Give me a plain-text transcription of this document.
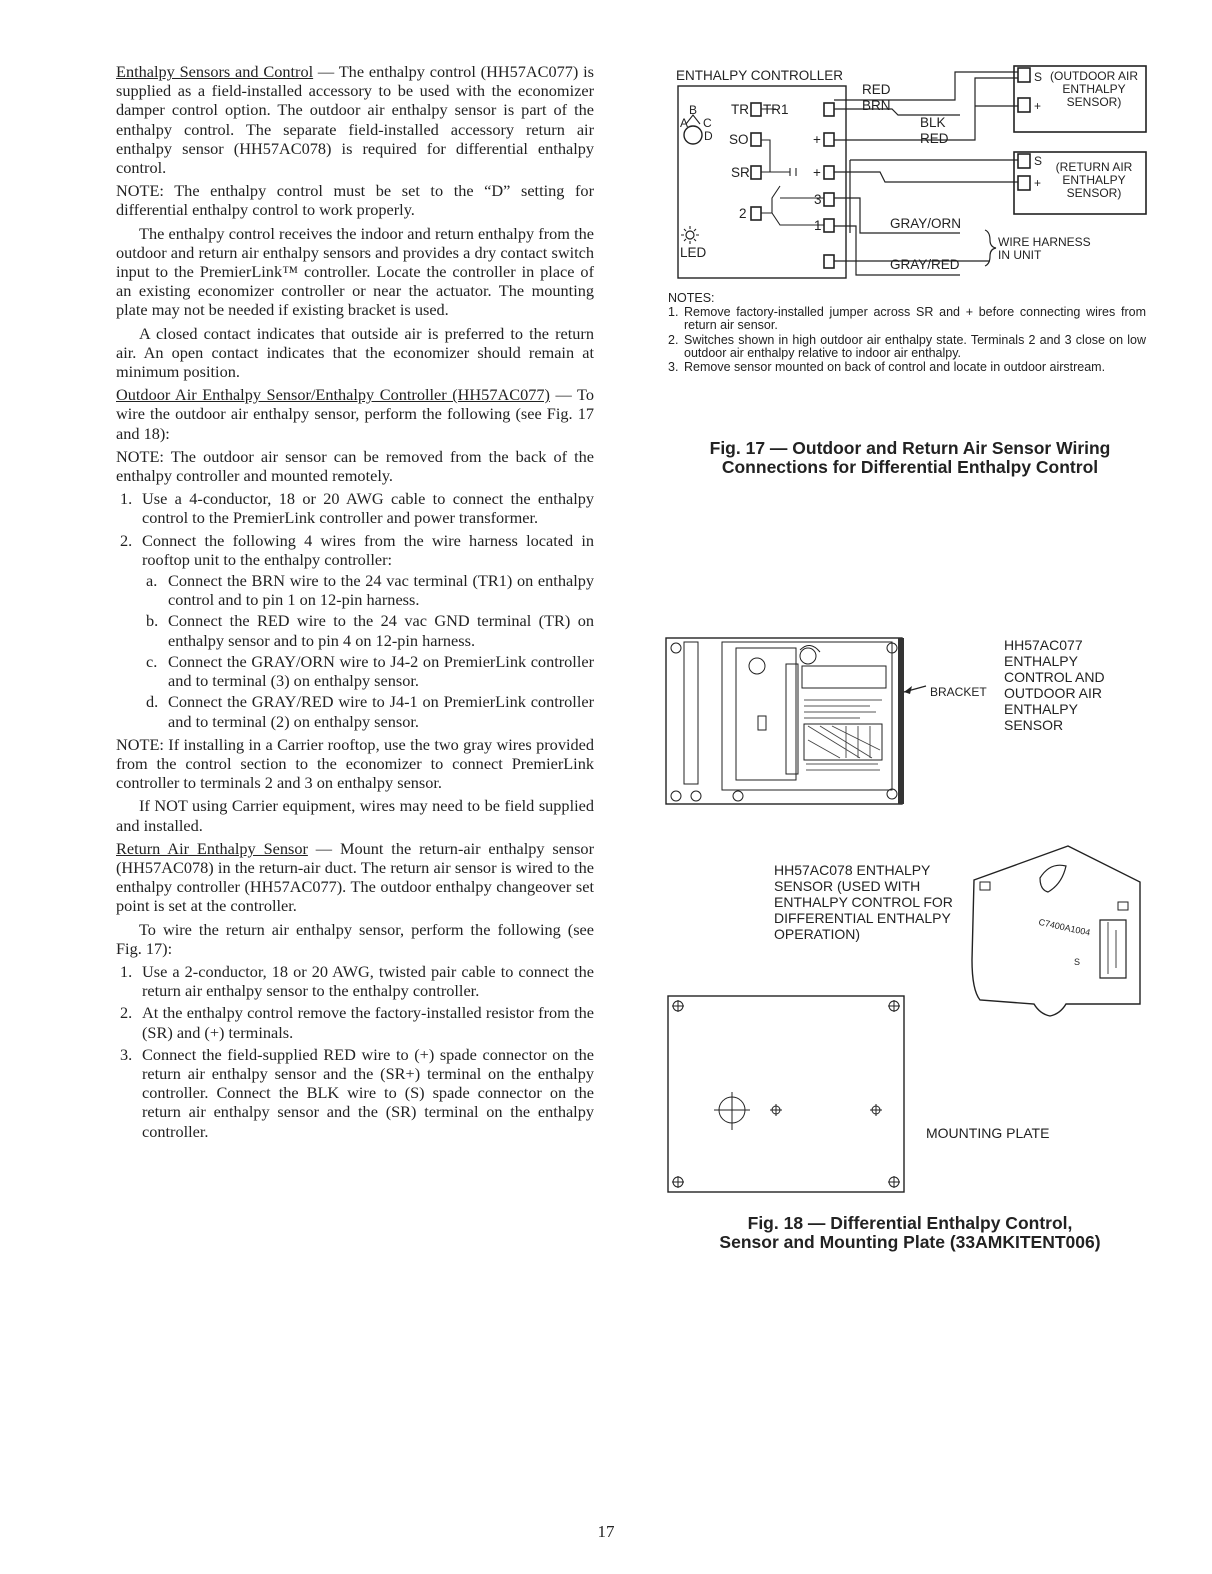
Enthalpy Sensors and Control — The enthalpy control (HH57AC077) is supplied as a field-installed accessory to be used with the economizer damper control option. The outdoor air enthalpy sensor is part of the enthalpy control. The separate field-installed accessory return air enthalpy sensor (HH57AC078) is required for differential enthalpy control.

NOTE: The enthalpy control must be set to the “D” setting for differential enthalpy control to work properly.

The enthalpy control receives the indoor and return enthalpy from the outdoor and return air enthalpy sensors and provides a dry contact switch input to the PremierLink™ controller. Locate the controller in place of an existing economizer controller or near the actuator. The mounting plate may not be needed if existing bracket is used.

A closed contact indicates that outside air is preferred to the return air. An open contact indicates that the economizer should remain at minimum position.

Outdoor Air Enthalpy Sensor/Enthalpy Controller (HH57AC077) — To wire the outdoor air enthalpy sensor, perform the following (see Fig. 17 and 18):

NOTE: The outdoor air sensor can be removed from the back of the enthalpy controller and mounted remotely.

1. Use a 4-conductor, 18 or 20 AWG cable to connect the enthalpy control to the PremierLink controller and power transformer.
2. Connect the following 4 wires from the wire harness located in rooftop unit to the enthalpy controller:
a. Connect the BRN wire to the 24 vac terminal (TR1) on enthalpy control and to pin 1 on 12-pin harness.
b. Connect the RED wire to the 24 vac GND terminal (TR) on enthalpy sensor and to pin 4 on 12-pin harness.
c. Connect the GRAY/ORN wire to J4-2 on PremierLink controller and to terminal (3) on enthalpy sensor.
d. Connect the GRAY/RED wire to J4-1 on PremierLink controller and to terminal (2) on enthalpy sensor.

NOTE: If installing in a Carrier rooftop, use the two gray wires provided from the control section to the economizer to connect PremierLink controller to terminals 2 and 3 on enthalpy sensor.

If NOT using Carrier equipment, wires may need to be field supplied and installed.

Return Air Enthalpy Sensor — Mount the return-air enthalpy sensor (HH57AC078) in the return-air duct. The return air sensor is wired to the enthalpy controller (HH57AC077). The outdoor enthalpy changeover set point is set at the controller.

To wire the return air enthalpy sensor, perform the following (see Fig. 17):

1. Use a 2-conductor, 18 or 20 AWG, twisted pair cable to connect the return air enthalpy sensor to the enthalpy controller.
2. At the enthalpy control remove the factory-installed resistor from the (SR) and (+) terminals.
3. Connect the field-supplied RED wire to (+) spade connector on the return air enthalpy sensor and the (SR+) terminal on the enthalpy controller. Connect the BLK wire to (S) spade connector on the return air enthalpy sensor and the (SR) terminal on the enthalpy controller.
ENTHALPY CONTROLLER
RED
BRN
BLK
RED
GRAY/ORN
GRAY/RED
TR TR1
SO	+
SR	+
3
2
1
A
B
C
D
LED
S
+
(OUTDOOR AIR ENTHALPY SENSOR)
S
+
(RETURN AIR ENTHALPY SENSOR)
WIRE HARNESS IN UNIT
NOTES:
1. Remove factory-installed jumper across SR and + before connecting wires from return air sensor.
2. Switches shown in high outdoor air enthalpy state. Terminals 2 and 3 close on low outdoor air enthalpy relative to indoor air enthalpy.
3. Remove sensor mounted on back of control and locate in outdoor airstream.
Fig. 17 — Outdoor and Return Air Sensor Wiring
Connections for Differential Enthalpy Control
HH57AC077 ENTHALPY CONTROL AND OUTDOOR AIR ENTHALPY SENSOR
BRACKET
HH57AC078 ENTHALPY SENSOR (USED WITH ENTHALPY CONTROL FOR DIFFERENTIAL ENTHALPY OPERATION)	C7400A1004
S
MOUNTING PLATE
Fig. 18 — Differential Enthalpy Control,
Sensor and Mounting Plate (33AMKITENT006)
17
